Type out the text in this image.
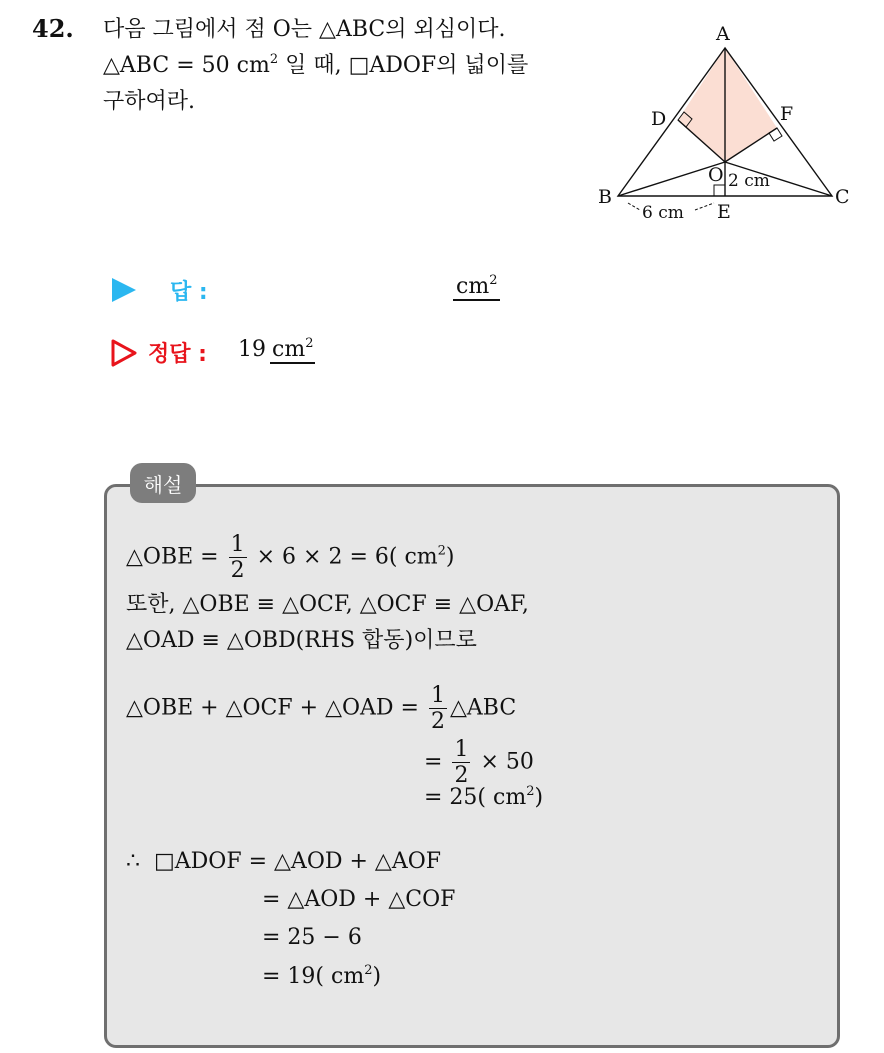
42. 다음 그림에서 점 O는 △ABC의 외심이다.
△ABC = 50 $cm^2$ 일 때, □ADOF의 넓이를
구하여라.
A
B	C
D
E
F
O 2 cm
6 cm
답 :	$cm^2$
정답 : 19 $cm^2$
해설
△OBE = $\frac{1}{2} \times 6 \times 2 = 6$( $cm^2$)
또한, △OBE ≡ △OCF, △OCF ≡ △OAF,
△OAD ≡ △OBD(RHS 합동)이므로
△OBE + △OCF + △OAD = $\frac{1}{2}$ △ABC
= $\frac{1}{2} \times 50$
= 25( $cm^2$)
∴  □ADOF = △AOD + △AOF
= △AOD + △COF
= 25 − 6
= 19( $cm^2$)
